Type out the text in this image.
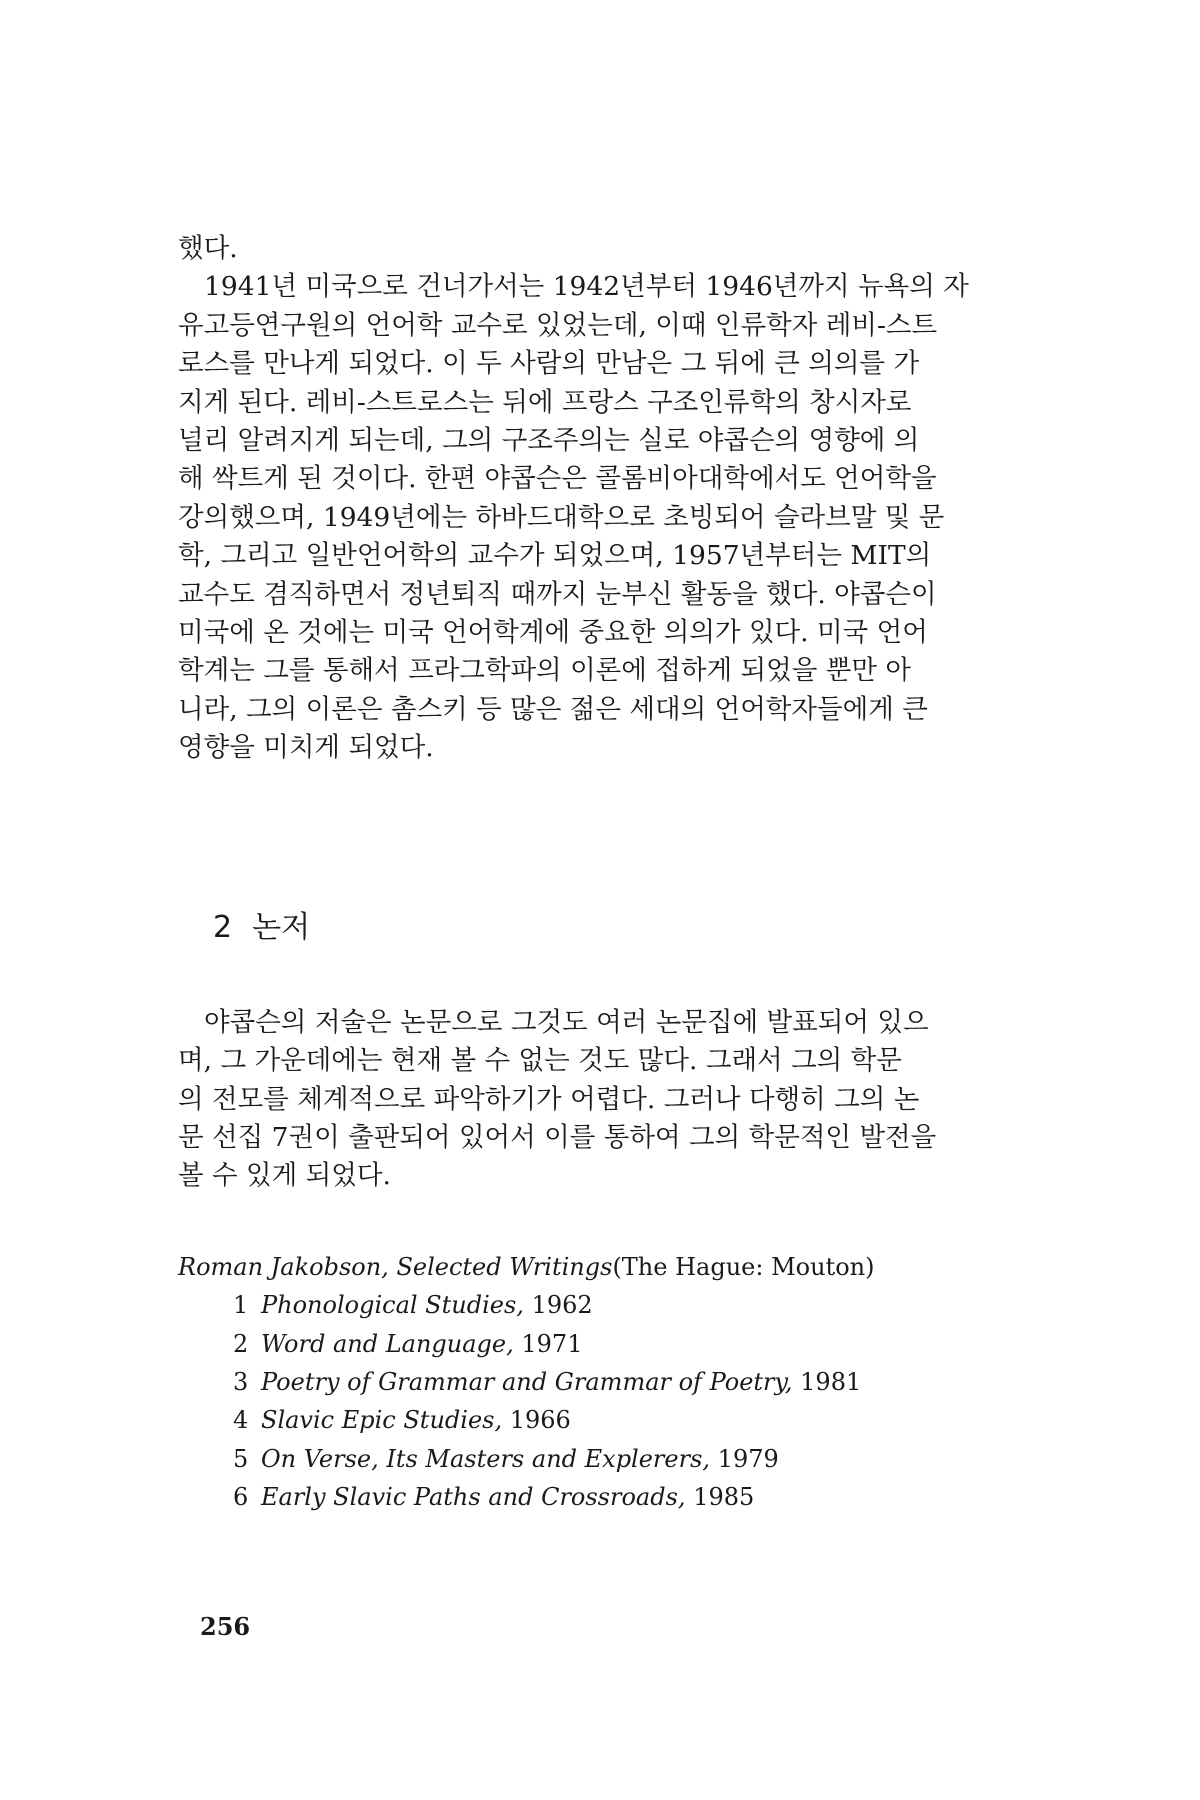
했다.
1941년 미국으로 건너가서는 1942년부터 1946년까지 뉴욕의 자
유고등연구원의 언어학 교수로 있었는데, 이때 인류학자 레비-스트
로스를 만나게 되었다. 이 두 사람의 만남은 그 뒤에 큰 의의를 가
지게 된다. 레비-스트로스는 뒤에 프랑스 구조인류학의 창시자로
널리 알려지게 되는데, 그의 구조주의는 실로 야콥슨의 영향에 의
해 싹트게 된 것이다. 한편 야콥슨은 콜롬비아대학에서도 언어학을
강의했으며, 1949년에는 하바드대학으로 초빙되어 슬라브말 및 문
학, 그리고 일반언어학의 교수가 되었으며, 1957년부터는 MIT의
교수도 겸직하면서 정년퇴직 때까지 눈부신 활동을 했다. 야콥슨이
미국에 온 것에는 미국 언어학계에 중요한 의의가 있다. 미국 언어
학계는 그를 통해서 프라그학파의 이론에 접하게 되었을 뿐만 아
니라, 그의 이론은 촘스키 등 많은 젊은 세대의 언어학자들에게 큰
영향을 미치게 되었다.
2 논저
야콥슨의 저술은 논문으로 그것도 여러 논문집에 발표되어 있으
며, 그 가운데에는 현재 볼 수 없는 것도 많다. 그래서 그의 학문
의 전모를 체계적으로 파악하기가 어렵다. 그러나 다행히 그의 논
문 선집 7권이 출판되어 있어서 이를 통하여 그의 학문적인 발전을
볼 수 있게 되었다.
Roman Jakobson, Selected Writings(The Hague: Mouton)
1 Phonological Studies, 1962
2 Word and Language, 1971
3 Poetry of Grammar and Grammar of Poetry, 1981
4 Slavic Epic Studies, 1966
5 On Verse, Its Masters and Explerers, 1979
6 Early Slavic Paths and Crossroads, 1985
256
